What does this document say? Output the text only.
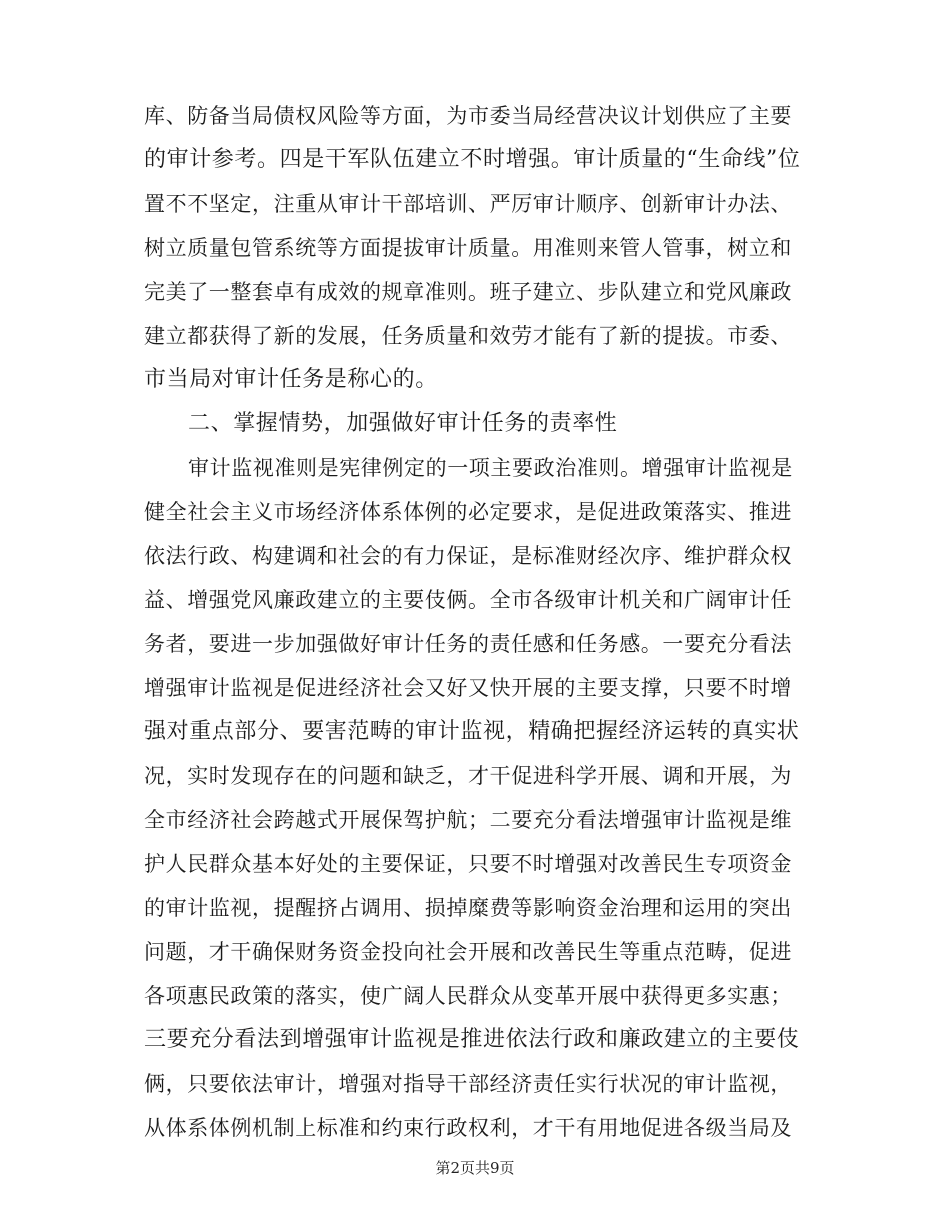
库、防备当局债权风险等方面，为市委当局经营决议计划供应了主要
的审计参考。四是干军队伍建立不时增强。审计质量的“生命线”位
置不不坚定，注重从审计干部培训、严厉审计顺序、创新审计办法、
树立质量包管系统等方面提拔审计质量。用准则来管人管事，树立和
完美了一整套卓有成效的规章准则。班子建立、步队建立和党风廉政
建立都获得了新的发展，任务质量和效劳才能有了新的提拔。市委、
市当局对审计任务是称心的。
二、掌握情势，加强做好审计任务的责率性
审计监视准则是宪律例定的一项主要政治准则。增强审计监视是
健全社会主义市场经济体系体例的必定要求，是促进政策落实、推进
依法行政、构建调和社会的有力保证，是标准财经次序、维护群众权
益、增强党风廉政建立的主要伎俩。全市各级审计机关和广阔审计任
务者，要进一步加强做好审计任务的责任感和任务感。一要充分看法
增强审计监视是促进经济社会又好又快开展的主要支撑，只要不时增
强对重点部分、要害范畴的审计监视，精确把握经济运转的真实状
况，实时发现存在的问题和缺乏，才干促进科学开展、调和开展，为
全市经济社会跨越式开展保驾护航；二要充分看法增强审计监视是维
护人民群众基本好处的主要保证，只要不时增强对改善民生专项资金
的审计监视，提醒挤占调用、损掉糜费等影响资金治理和运用的突出
问题，才干确保财务资金投向社会开展和改善民生等重点范畴，促进
各项惠民政策的落实，使广阔人民群众从变革开展中获得更多实惠；
三要充分看法到增强审计监视是推进依法行政和廉政建立的主要伎
俩，只要依法审计，增强对指导干部经济责任实行状况的审计监视，
从体系体例机制上标准和约束行政权利，才干有用地促进各级当局及
第2页共9页
